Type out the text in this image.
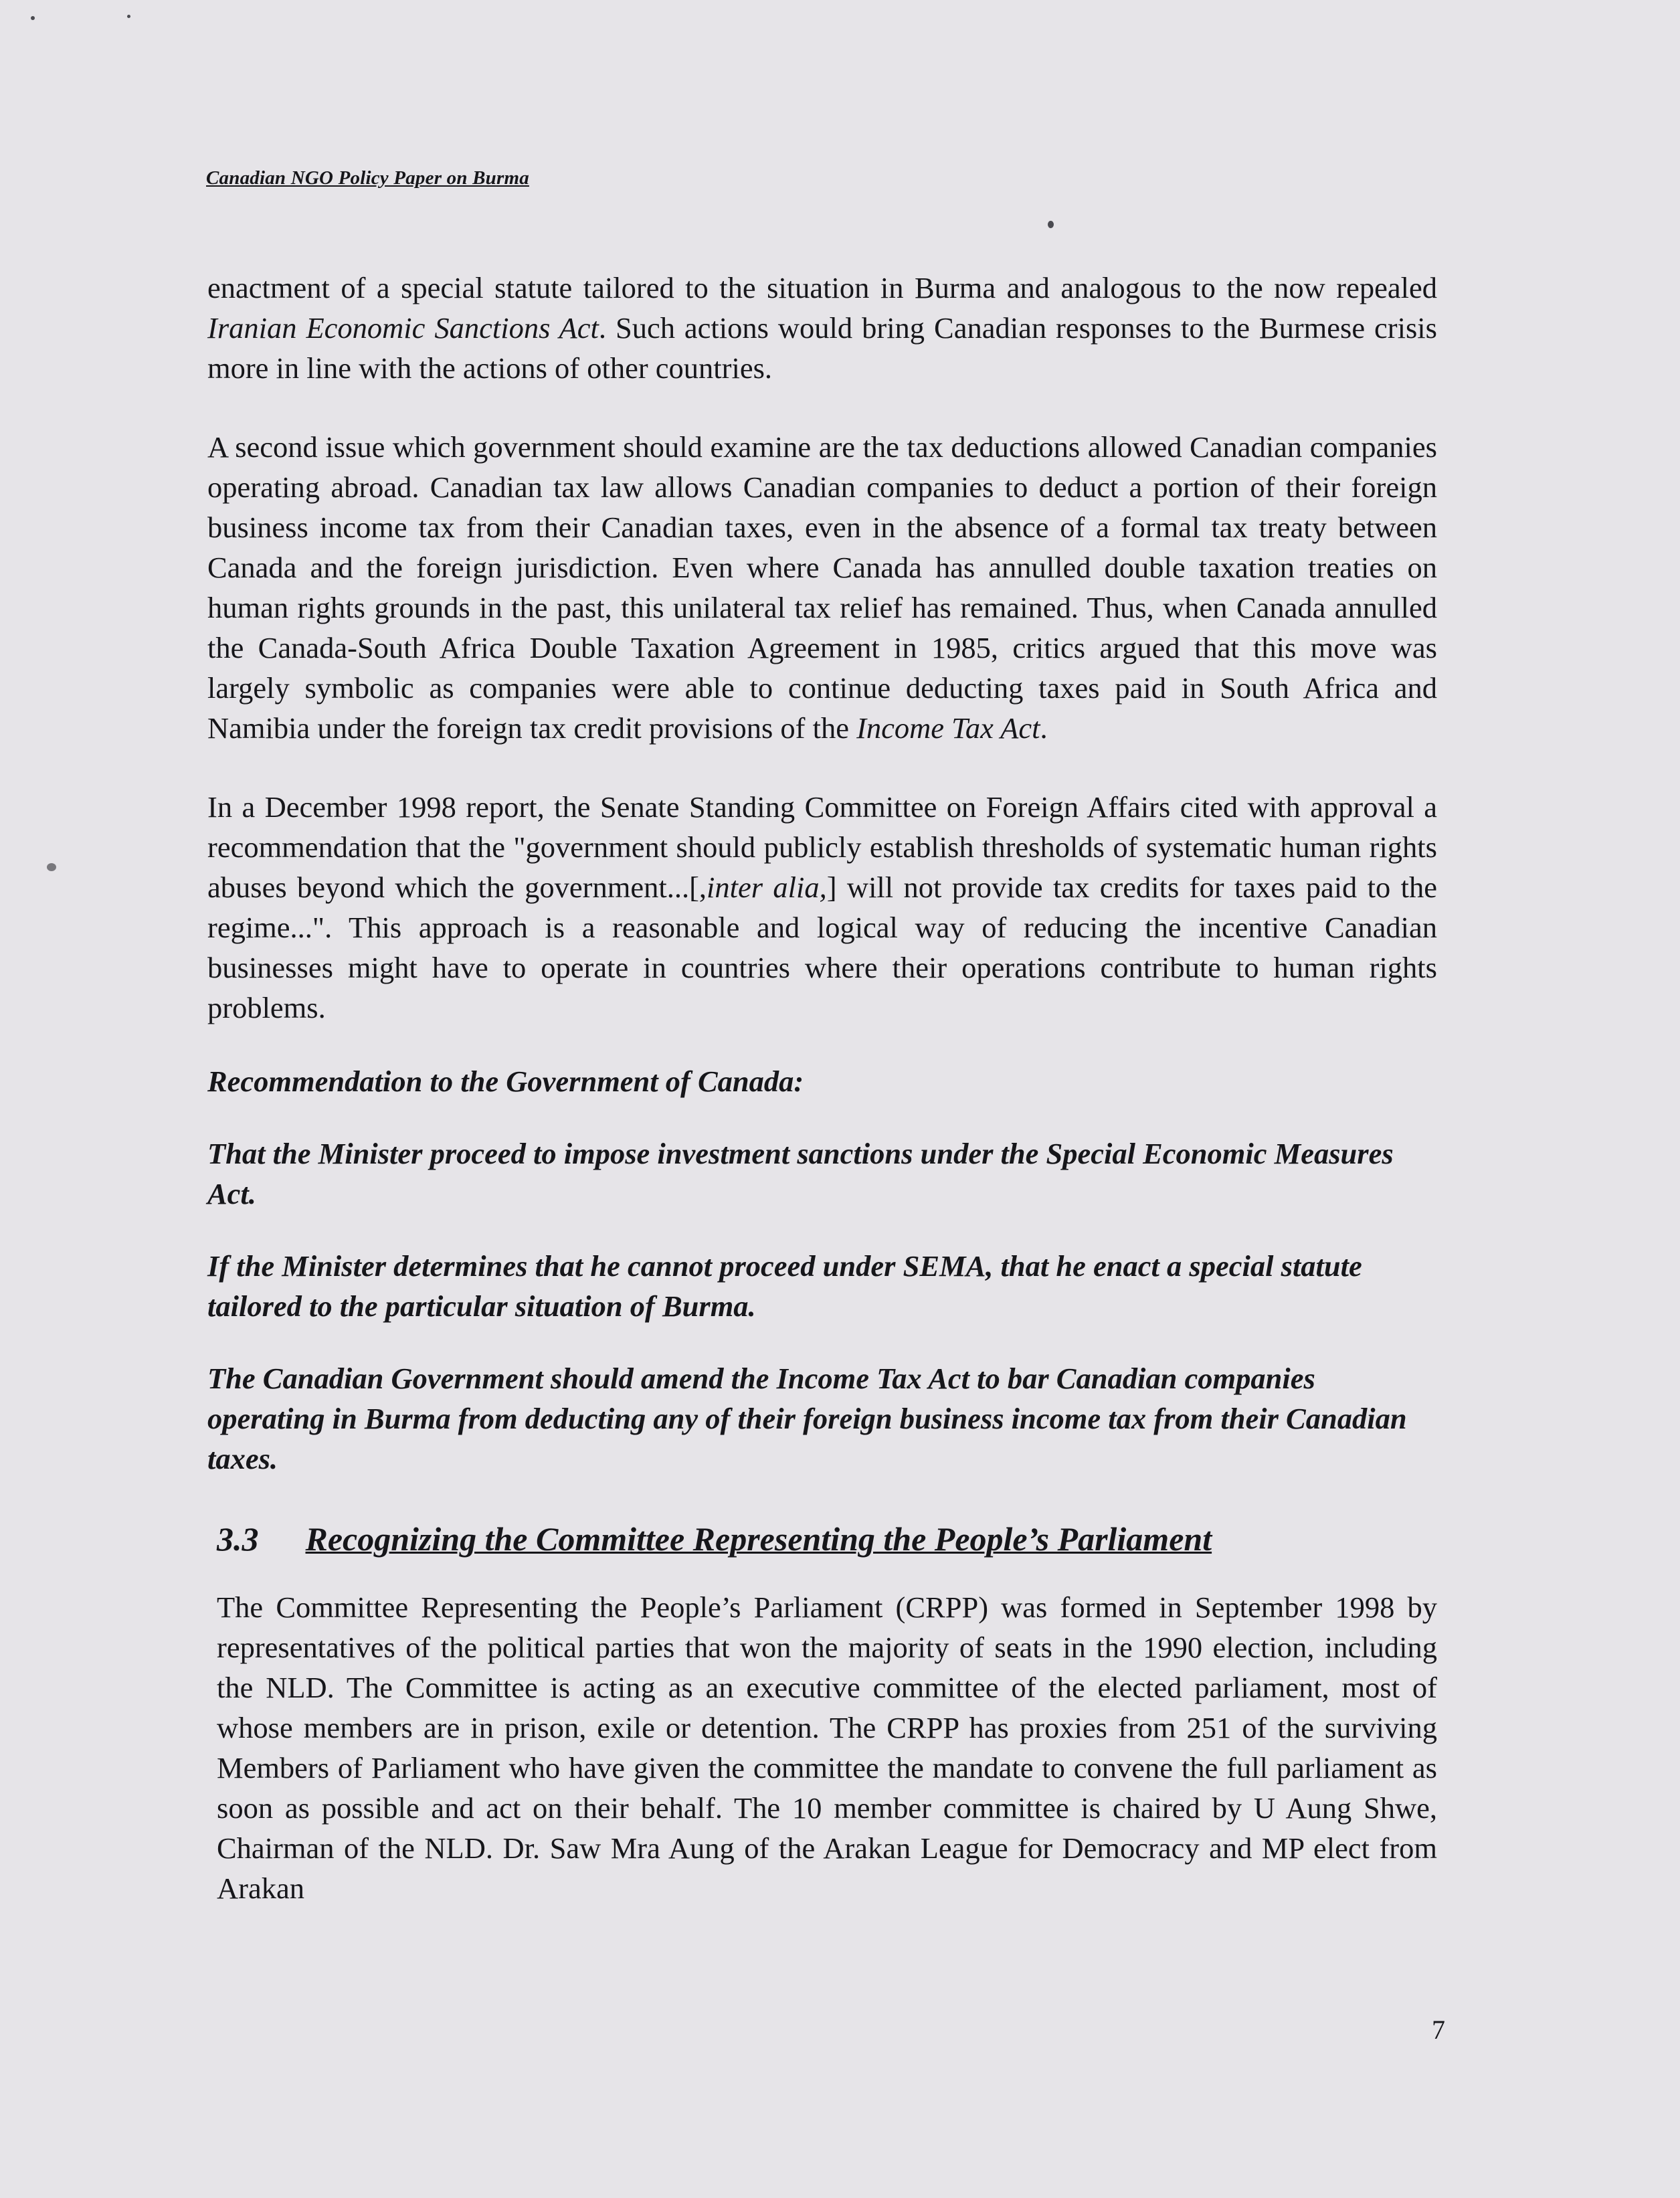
Canadian NGO Policy Paper on Burma

enactment of a special statute tailored to the situation in Burma and analogous to the now repealed Iranian Economic Sanctions Act. Such actions would bring Canadian responses to the Burmese crisis more in line with the actions of other countries.

A second issue which government should examine are the tax deductions allowed Canadian companies operating abroad. Canadian tax law allows Canadian companies to deduct a portion of their foreign business income tax from their Canadian taxes, even in the absence of a formal tax treaty between Canada and the foreign jurisdiction. Even where Canada has annulled double taxation treaties on human rights grounds in the past, this unilateral tax relief has remained. Thus, when Canada annulled the Canada-South Africa Double Taxation Agreement in 1985, critics argued that this move was largely symbolic as companies were able to continue deducting taxes paid in South Africa and Namibia under the foreign tax credit provisions of the Income Tax Act.

In a December 1998 report, the Senate Standing Committee on Foreign Affairs cited with approval a recommendation that the "government should publicly establish thresholds of systematic human rights abuses beyond which the government...[,inter alia,] will not provide tax credits for taxes paid to the regime...". This approach is a reasonable and logical way of reducing the incentive Canadian businesses might have to operate in countries where their operations contribute to human rights problems.

Recommendation to the Government of Canada:

That the Minister proceed to impose investment sanctions under the Special Economic Measures Act.

If the Minister determines that he cannot proceed under SEMA, that he enact a special statute tailored to the particular situation of Burma.

The Canadian Government should amend the Income Tax Act to bar Canadian companies operating in Burma from deducting any of their foreign business income tax from their Canadian taxes.

3.3 Recognizing the Committee Representing the People’s Parliament

The Committee Representing the People’s Parliament (CRPP) was formed in September 1998 by representatives of the political parties that won the majority of seats in the 1990 election, including the NLD. The Committee is acting as an executive committee of the elected parliament, most of whose members are in prison, exile or detention. The CRPP has proxies from 251 of the surviving Members of Parliament who have given the committee the mandate to convene the full parliament as soon as possible and act on their behalf. The 10 member committee is chaired by U Aung Shwe, Chairman of the NLD. Dr. Saw Mra Aung of the Arakan League for Democracy and MP elect from Arakan

7
